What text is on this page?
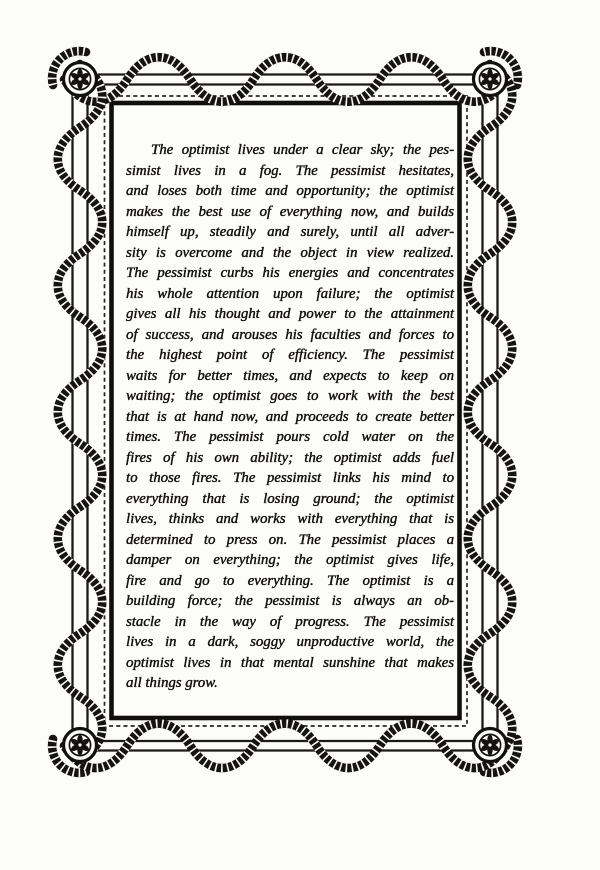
The optimist lives under a clear sky; the pes-

simist lives in a fog. The pessimist hesitates,

and loses both time and opportunity; the optimist

makes the best use of everything now, and builds

himself up, steadily and surely, until all adver-

sity is overcome and the object in view realized.

The pessimist curbs his energies and concentrates

his whole attention upon failure; the optimist

gives all his thought and power to the attainment

of success, and arouses his faculties and forces to

the highest point of efficiency. The pessimist

waits for better times, and expects to keep on

waiting; the optimist goes to work with the best

that is at hand now, and proceeds to create better

times. The pessimist pours cold water on the

fires of his own ability; the optimist adds fuel

to those fires. The pessimist links his mind to

everything that is losing ground; the optimist

lives, thinks and works with everything that is

determined to press on. The pessimist places a

damper on everything; the optimist gives life,

fire and go to everything. The optimist is a

building force; the pessimist is always an ob-

stacle in the way of progress. The pessimist

lives in a dark, soggy unproductive world, the

optimist lives in that mental sunshine that makes

all things grow.
